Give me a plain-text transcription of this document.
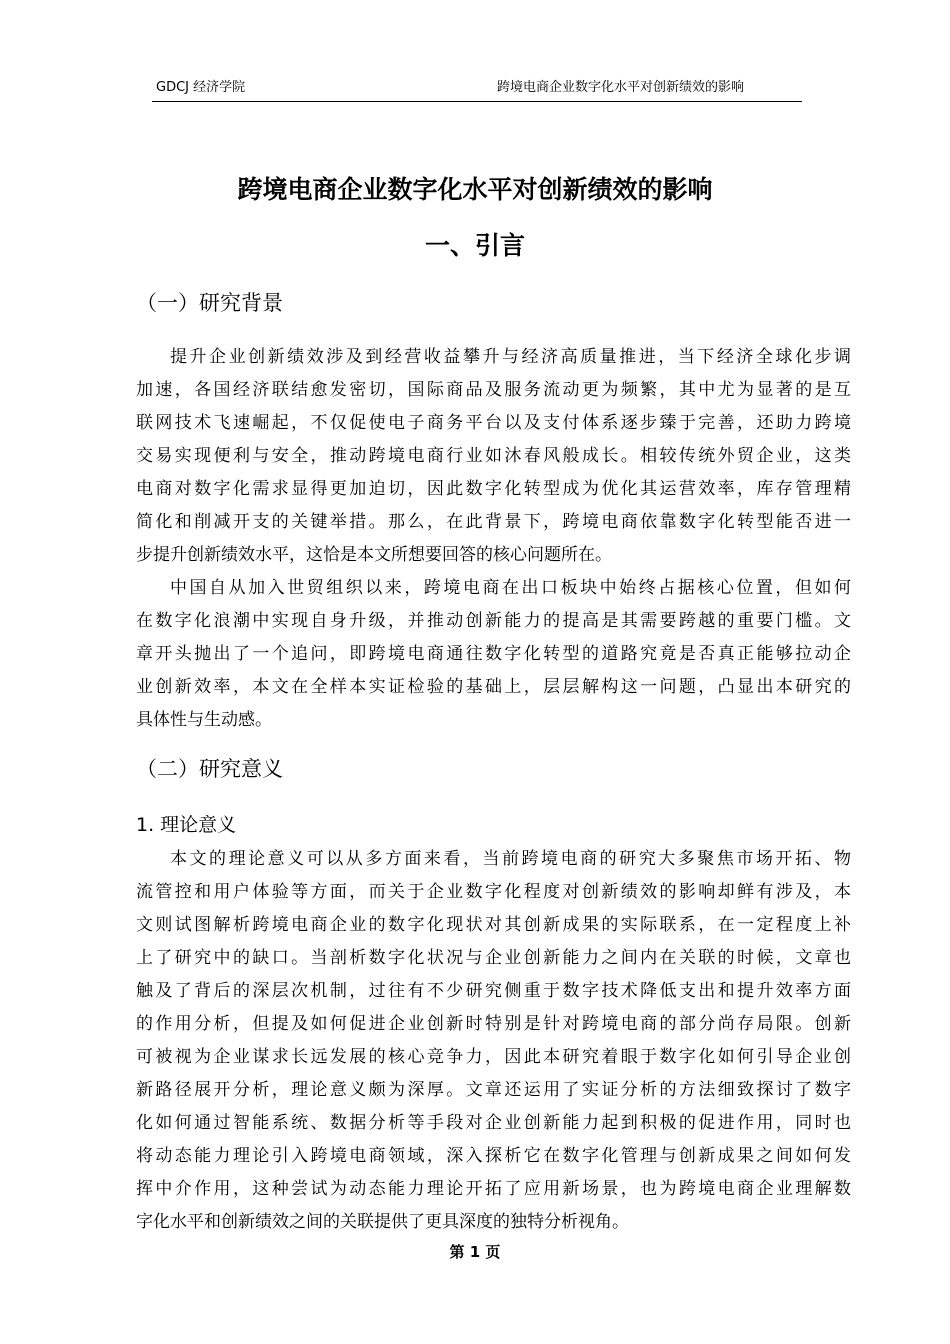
GDCJ 经济学院	跨境电商企业数字化水平对创新绩效的影响
跨境电商企业数字化水平对创新绩效的影响
一、引言
（一）研究背景
提升企业创新绩效涉及到经营收益攀升与经济高质量推进，当下经济全球化步调
加速，各国经济联结愈发密切，国际商品及服务流动更为频繁，其中尤为显著的是互
联网技术飞速崛起，不仅促使电子商务平台以及支付体系逐步臻于完善，还助力跨境
交易实现便利与安全，推动跨境电商行业如沐春风般成长。相较传统外贸企业，这类
电商对数字化需求显得更加迫切，因此数字化转型成为优化其运营效率，库存管理精
简化和削减开支的关键举措。那么，在此背景下，跨境电商依靠数字化转型能否进一
步提升创新绩效水平，这恰是本文所想要回答的核心问题所在。
中国自从加入世贸组织以来，跨境电商在出口板块中始终占据核心位置，但如何
在数字化浪潮中实现自身升级，并推动创新能力的提高是其需要跨越的重要门槛。文
章开头抛出了一个追问，即跨境电商通往数字化转型的道路究竟是否真正能够拉动企
业创新效率，本文在全样本实证检验的基础上，层层解构这一问题，凸显出本研究的
具体性与生动感。
（二）研究意义
1. 理论意义
本文的理论意义可以从多方面来看，当前跨境电商的研究大多聚焦市场开拓、物
流管控和用户体验等方面，而关于企业数字化程度对创新绩效的影响却鲜有涉及，本
文则试图解析跨境电商企业的数字化现状对其创新成果的实际联系，在一定程度上补
上了研究中的缺口。当剖析数字化状况与企业创新能力之间内在关联的时候，文章也
触及了背后的深层次机制，过往有不少研究侧重于数字技术降低支出和提升效率方面
的作用分析，但提及如何促进企业创新时特别是针对跨境电商的部分尚存局限。创新
可被视为企业谋求长远发展的核心竞争力，因此本研究着眼于数字化如何引导企业创
新路径展开分析，理论意义颇为深厚。文章还运用了实证分析的方法细致探讨了数字
化如何通过智能系统、数据分析等手段对企业创新能力起到积极的促进作用，同时也
将动态能力理论引入跨境电商领域，深入探析它在数字化管理与创新成果之间如何发
挥中介作用，这种尝试为动态能力理论开拓了应用新场景，也为跨境电商企业理解数
字化水平和创新绩效之间的关联提供了更具深度的独特分析视角。
第 1 页
